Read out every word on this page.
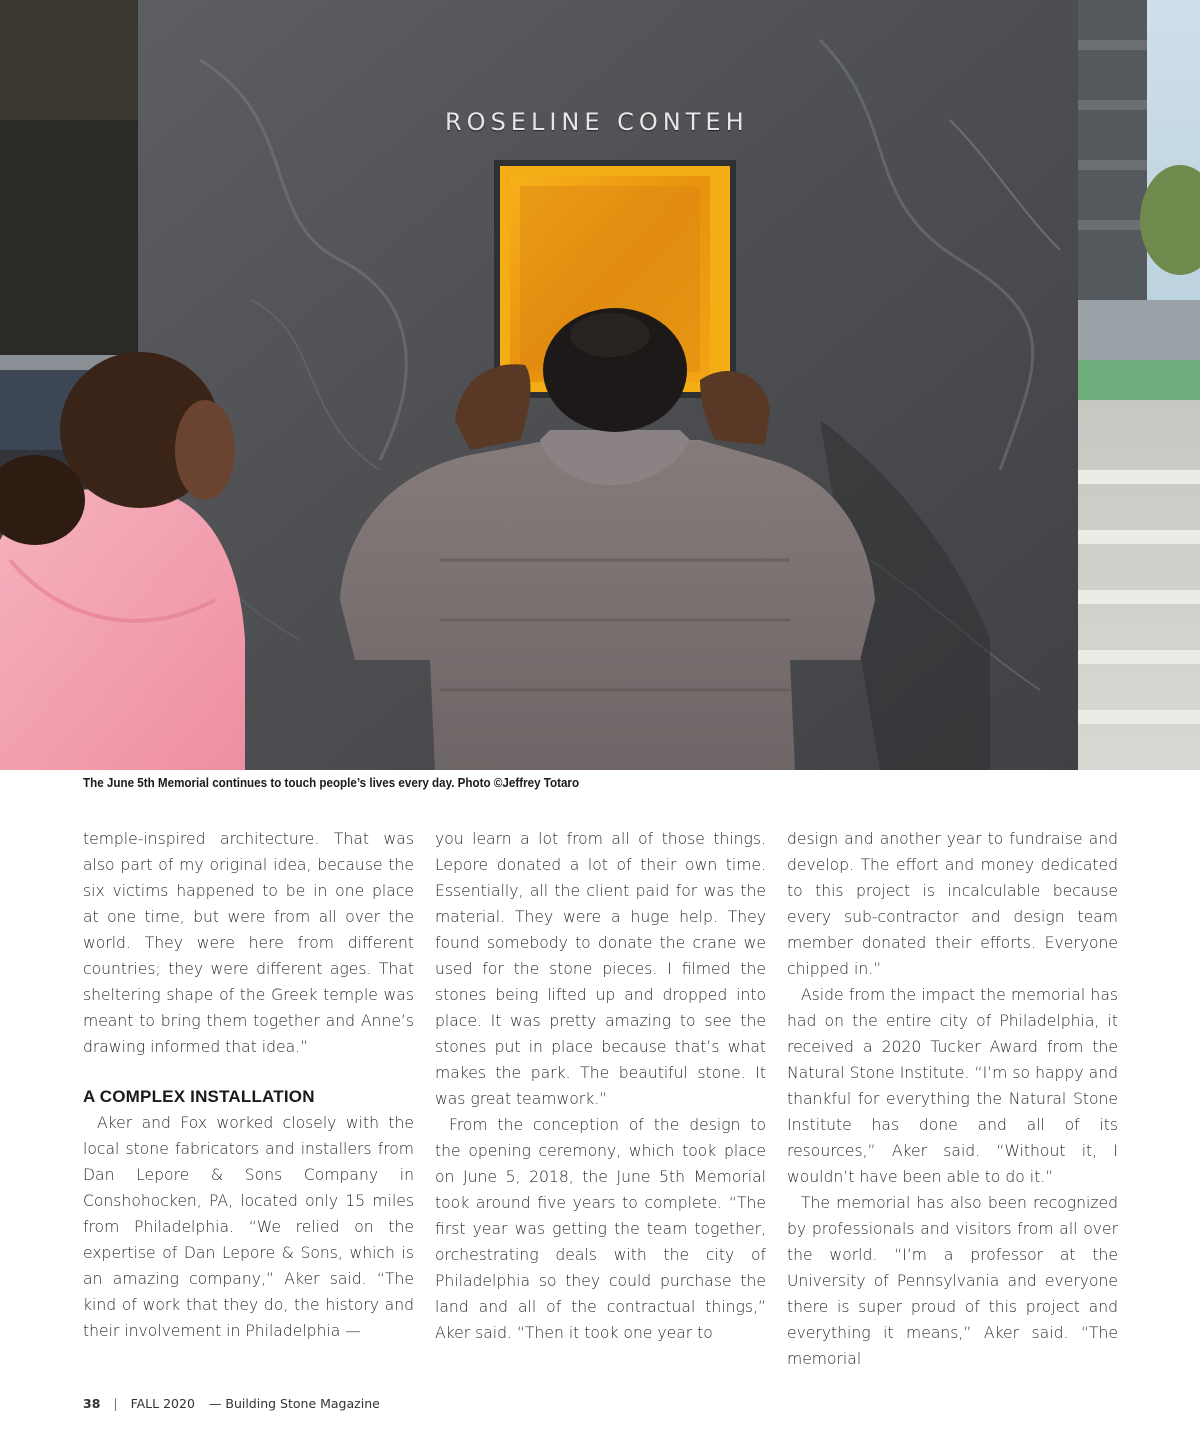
ROSELINE CONTEH
The June 5th Memorial continues to touch people’s lives every day. Photo ©Jeffrey Totaro

temple-inspired architecture. That was also part of my original idea, because the six victims happened to be in one place at one time, but were from all over the world. They were here from different countries; they were different ages. That sheltering shape of the Greek temple was meant to bring them together and Anne’s drawing informed that idea.”

A COMPLEX INSTALLATION

Aker and Fox worked closely with the local stone fabricators and installers from Dan Lepore & Sons Company in Conshohocken, PA, located only 15 miles from Philadelphia. “We relied on the expertise of Dan Lepore & Sons, which is an amazing company,” Aker said. “The kind of work that they do, the history and their involvement in Philadelphia —

you learn a lot from all of those things. Lepore donated a lot of their own time. Essentially, all the client paid for was the material. They were a huge help. They found somebody to donate the crane we used for the stone pieces. I filmed the stones being lifted up and dropped into place. It was pretty amazing to see the stones put in place because that’s what makes the park. The beautiful stone. It was great teamwork.”

From the conception of the design to the opening ceremony, which took place on June 5, 2018, the June 5th Memorial took around five years to complete. “The first year was getting the team together, orchestrating deals with the city of Philadelphia so they could purchase the land and all of the contractual things,” Aker said. “Then it took one year to

design and another year to fundraise and develop. The effort and money dedicated to this project is incalculable because every sub-contractor and design team member donated their efforts. Everyone chipped in.”

Aside from the impact the memorial has had on the entire city of Philadelphia, it received a 2020 Tucker Award from the Natural Stone Institute. “I’m so happy and thankful for everything the Natural Stone Institute has done and all of its resources,” Aker said. “Without it, I wouldn’t have been able to do it.”

The memorial has also been recognized by professionals and visitors from all over the world. “I’m a professor at the University of Pennsylvania and everyone there is super proud of this project and everything it means,” Aker said. “The memorial

38 | FALL 2020 — Building Stone Magazine
